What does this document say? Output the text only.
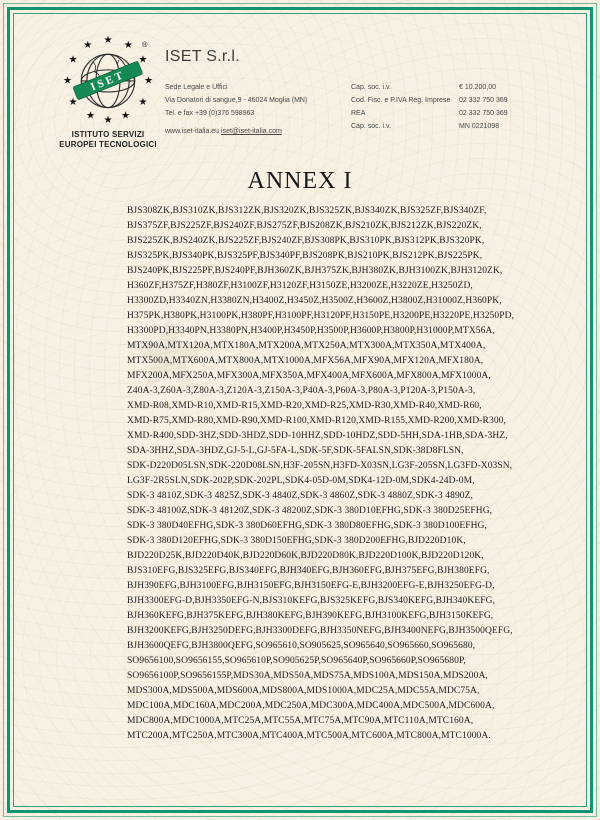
★
★
★
★
★	★
★	★
★	★
★	★
★ ★
★
ISET
®
ISTITUTO SERVIZI
EUROPEI TECNOLOGICI
ISET S.r.l.
Sede Legale e Uffici
Via Donatori di sangue,9 - 46024 Moglia (MN)
Tel. e fax +39 (0)376 598963
www.iset-italia.eu iset@iset-italia.com
Cap. soc. i.v.	€ 10.200,00
Cod. Fisc. e P.IVA Reg. Imprese	02 332 750 369
REA	02 332 750 369
Cap. soc. i.v.	MN 0221098
ANNEX I
BJS308ZK,BJS310ZK,BJS312ZK,BJS320ZK,BJS325ZK,BJS340ZK,BJS325ZF,BJS340ZF,
BJS375ZF,BJS225ZF,BJS240ZF,BJS275ZF,BJS208ZK,BJS210ZK,BJS212ZK,BJS220ZK,
BJS225ZK,BJS240ZK,BJS225ZF,BJS240ZF,BJS308PK,BJS310PK,BJS312PK,BJS320PK,
BJS325PK,BJS340PK,BJS325PF,BJS340PF,BJS208PK,BJS210PK,BJS212PK,BJS225PK,
BJS240PK,BJS225PF,BJS240PF,BJH360ZK,BJH375ZK,BJH380ZK,BJH3100ZK,BJH3120ZK,
H360ZF,H375ZF,H380ZF,H3100ZF,H3120ZF,H3150ZE,H3200ZE,H3220ZE,H3250ZD,
H3300ZD,H3340ZN,H3380ZN,H3400Z,H3450Z,H3500Z,H3600Z,H3800Z,H31000Z,H360PK,
H375PK,H380PK,H3100PK,H380PF,H3100PF,H3120PF,H3150PE,H3200PE,H3220PE,H3250PD,
H3300PD,H3340PN,H3380PN,H3400P,H3450P,H3500P,H3600P,H3800P,H31000P,MTX56A,
MTX90A,MTX120A,MTX180A,MTX200A,MTX250A,MTX300A,MTX350A,MTX400A,
MTX500A,MTX600A,MTX800A,MTX1000A,MFX56A,MFX90A,MFX120A,MFX180A,
MFX200A,MFX250A,MFX300A,MFX350A,MFX400A,MFX600A,MFX800A,MFX1000A,
Z40A-3,Z60A-3,Z80A-3,Z120A-3,Z150A-3,P40A-3,P60A-3,P80A-3,P120A-3,P150A-3,
XMD-R08,XMD-R10,XMD-R15,XMD-R20,XMD-R25,XMD-R30,XMD-R40,XMD-R60,
XMD-R75,XMD-R80,XMD-R90,XMD-R100,XMD-R120,XMD-R155,XMD-R200,XMD-R300,
XMD-R400,SDD-3HZ,SDD-3HDZ,SDD-10HHZ,SDD-10HDZ,SDD-5HH,SDA-1HB,SDA-3HZ,
SDA-3HHZ,SDA-3HDZ,GJ-5-L,GJ-5FA-L,SDK-5F,SDK-5FALSN,SDK-38D8FLSN,
SDK-D220D05LSN,SDK-220D08LSN,H3F-205SN,H3FD-X03SN,LG3F-205SN,LG3FD-X03SN,
LG3F-2R5SLN,SDK-202P,SDK-202PL,SDK4-05D-0M,SDK4-12D-0M,SDK4-24D-0M,
SDK-3 4810Z,SDK-3 4825Z,SDK-3 4840Z,SDK-3 4860Z,SDK-3 4880Z,SDK-3 4890Z,
SDK-3 48100Z,SDK-3 48120Z,SDK-3 48200Z,SDK-3 380D10EFHG,SDK-3 380D25EFHG,
SDK-3 380D40EFHG,SDK-3 380D60EFHG,SDK-3 380D80EFHG,SDK-3 380D100EFHG,
SDK-3 380D120EFHG,SDK-3 380D150EFHG,SDK-3 380D200EFHG,BJD220D10K,
BJD220D25K,BJD220D40K,BJD220D60K,BJD220D80K,BJD220D100K,BJD220D120K,
BJS310EFG,BJS325EFG,BJS340EFG,BJH340EFG,BJH360EFG,BJH375EFG,BJH380EFG,
BJH390EFG,BJH3100EFG,BJH3150EFG,BJH3150EFG-E,BJH3200EFG-E,BJH3250EFG-D,
BJH3300EFG-D,BJH3350EFG-N,BJS310KEFG,BJS325KEFG,BJS340KEFG,BJH340KEFG,
BJH360KEFG,BJH375KEFG,BJH380KEFG,BJH390KEFG,BJH3100KEFG,BJH3150KEFG,
BJH3200KEFG,BJH3250DEFG,BJH3300DEFG,BJH3350NEFG,BJH3400NEFG,BJH3500QEFG,
BJH3600QEFG,BJH3800QEFG,SO965610,SO905625,SO965640,SO965660,SO965680,
SO9656100,SO9656155,SO965610P,SO905625P,SO965640P,SO965660P,SO965680P,
SO9656100P,SO9656155P,MDS30A,MDS50A,MDS75A,MDS100A,MDS150A,MDS200A,
MDS300A,MDS500A,MDS600A,MDS800A,MDS1000A,MDC25A,MDC55A,MDC75A,
MDC100A,MDC160A,MDC200A,MDC250A,MDC300A,MDC400A,MDC500A,MDC600A,
MDC800A,MDC1000A,MTC25A,MTC55A,MTC75A,MTC90A,MTC110A,MTC160A,
MTC200A,MTC250A,MTC300A,MTC400A,MTC500A,MTC600A,MTC800A,MTC1000A.
